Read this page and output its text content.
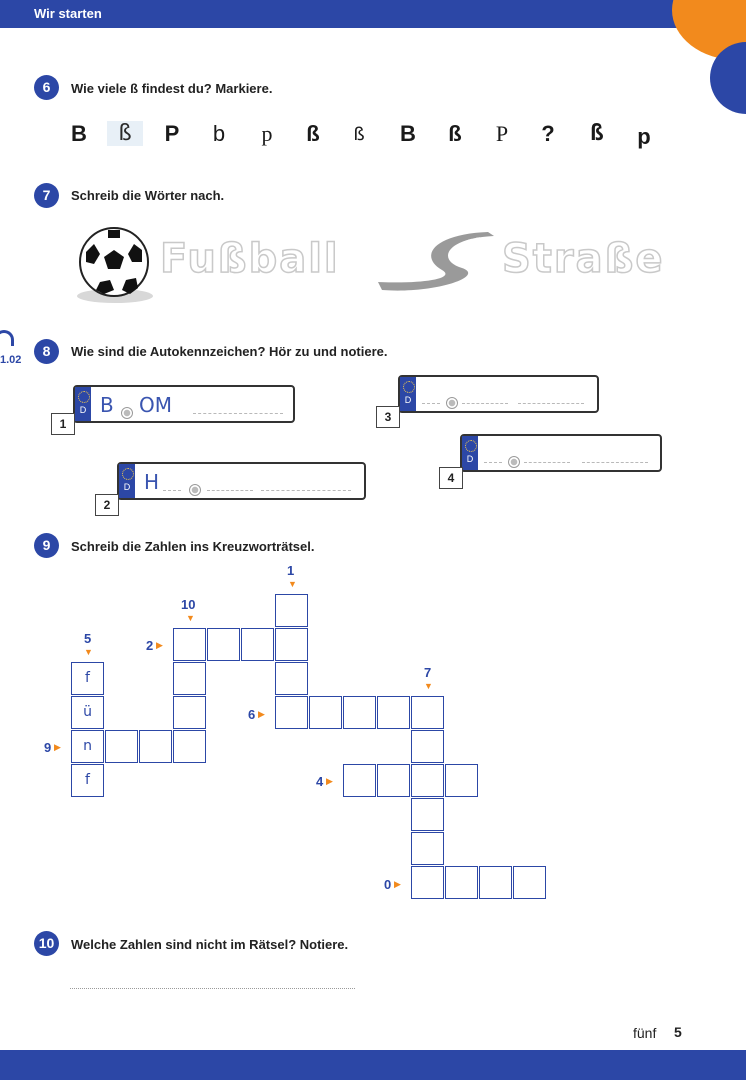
Wir starten
1.02
6	Wie viele ß findest du? Markiere.
B	ß	P	b	p	ß	ß	B	ß	P	?	ß	p
7	Schreib die Wörter nach.
Fußball	Straße
8	Wie sind die Autokennzeichen? Hör zu und notiere.
D B OM
1
D H
2
D
3
D
4
9	Schreib die Zahlen ins Kreuzworträtsel.
1
▼
10
▼
5
▼	2 ▶
7
▼
6 ▶
9 ▶
4 ▶
0 ▶
f
ü
n
f
10	Welche Zahlen sind nicht im Rätsel? Notiere.
fünf 5
